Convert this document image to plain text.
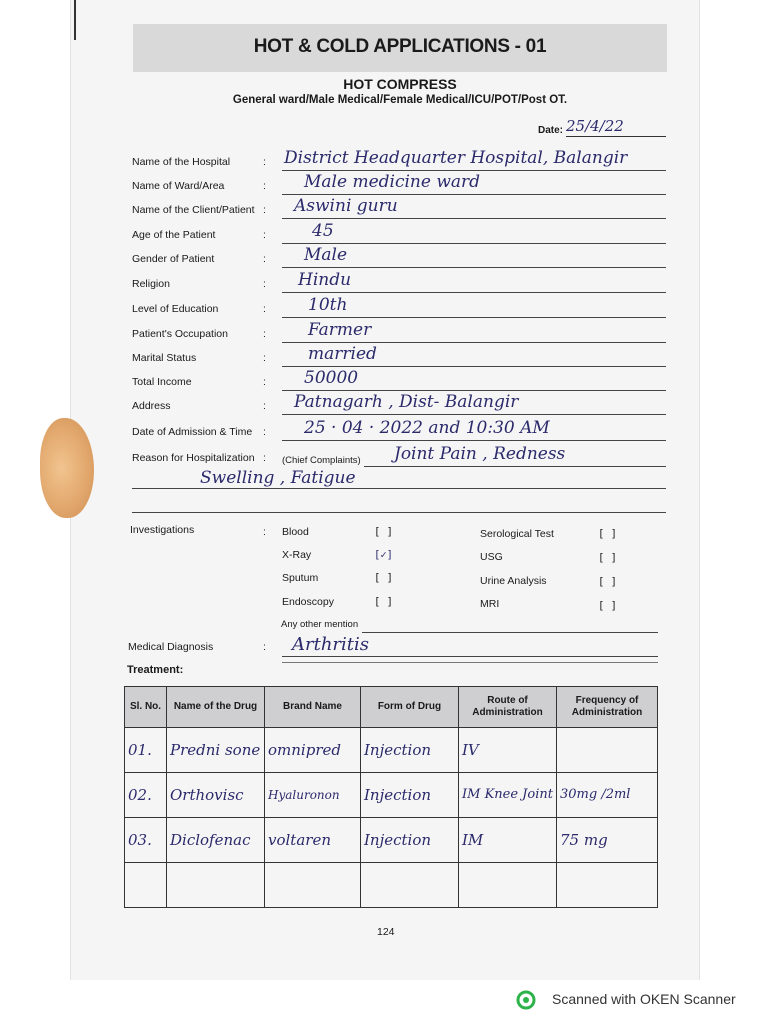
HOT & COLD APPLICATIONS - 01
HOT COMPRESS
General ward/Male Medical/Female Medical/ICU/POT/Post OT.
Date: 25/4/22
Name of the Hospital	: District Headquarter Hospital, Balangir
Name of Ward/Area	: Male medicine ward
Name of the Client/Patient : Aswini guru
Age of the Patient	:	45
Gender of Patient	: Male
Religion	: Hindu
Level of Education	: 10th
Patient's Occupation	: Farmer
Marital Status	: married
Total Income	: 50000
Address	: Patnagarh , Dist- Balangir
Date of Admission & Time : 25 · 04 · 2022 and 10:30 AM
Reason for Hospitalization :	Joint Pain , Redness
(Chief Complaints)
Swelling , Fatigue
Investigations	: Blood	[ ]
X-Ray	[✓]
Sputum	[ ]
Endoscopy	[ ]
Serological Test	[ ]
USG	[ ]
Urine Analysis	[ ]
MRI	[ ]
Any other mention
Medical Diagnosis	: Arthritis
Treatment:
Sl. No.	Name of the Drug	Brand Name	Form of Drug	Route of Administration	Frequency of Administration
01.	Predni sone	omnipred	Injection	IV	
02.	Orthovisc	Hyaluronon	Injection	IM Knee Joint	30mg /2ml
03.	Diclofenac	voltaren	Injection	IM	75 mg

124
Scanned with OKEN Scanner
